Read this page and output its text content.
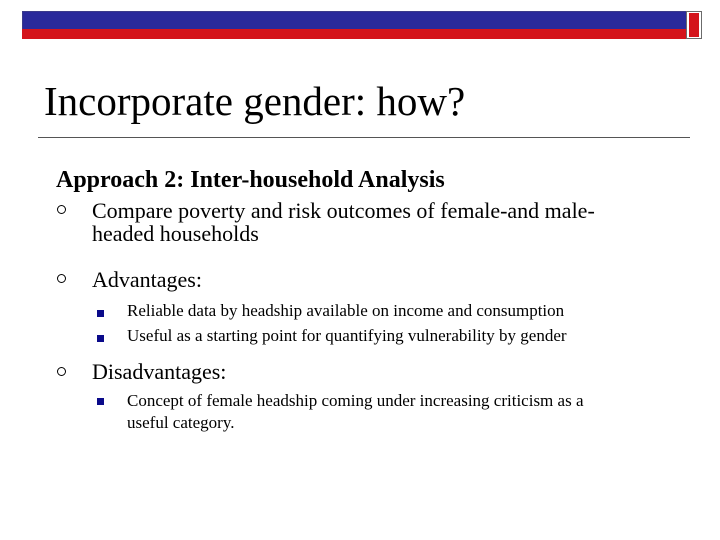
Incorporate gender: how?
Approach 2: Inter-household Analysis

Compare poverty and risk outcomes of female-and male-
headed households

Advantages:

Reliable data by headship available on income and consumption

Useful as a starting point for quantifying vulnerability by gender

Disadvantages:

Concept of female headship coming under increasing criticism as a
useful category.
